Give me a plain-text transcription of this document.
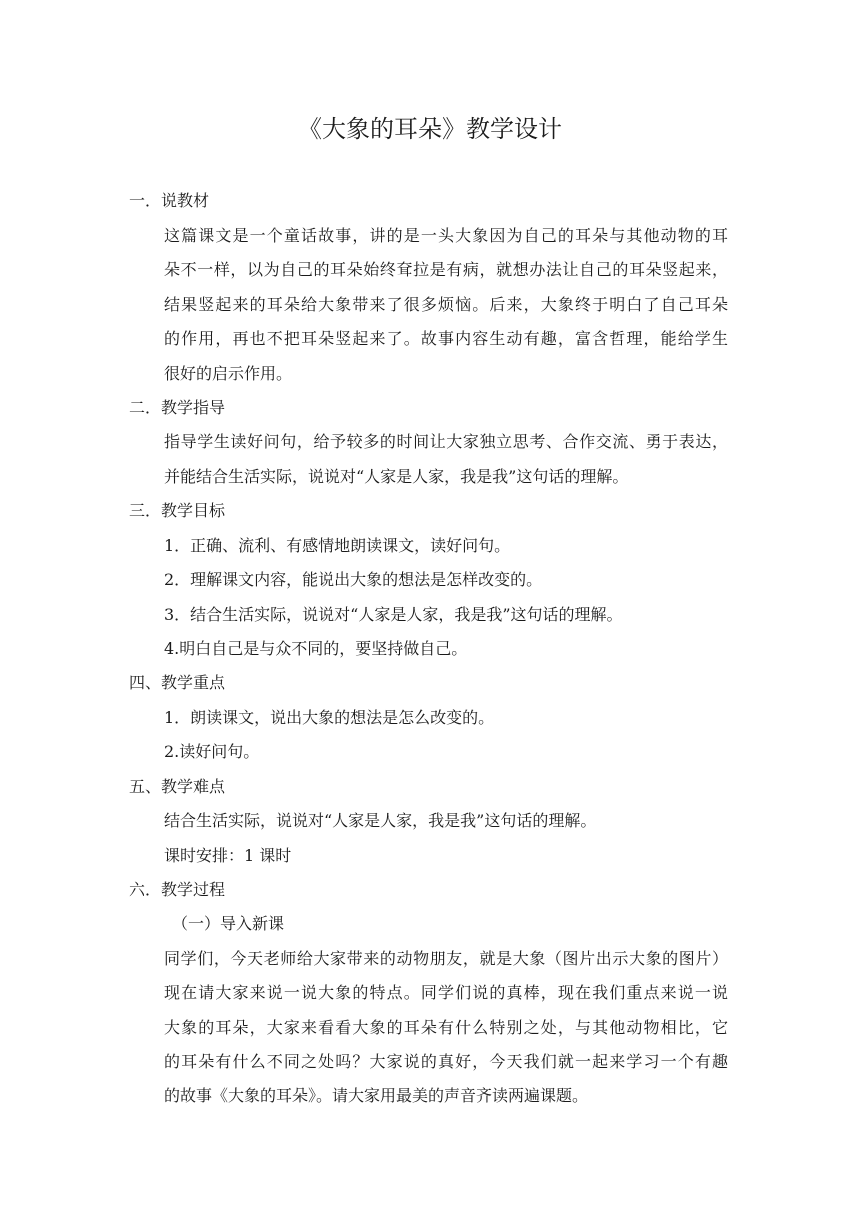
《大象的耳朵》教学设计
一．说教材
这篇课文是一个童话故事，讲的是一头大象因为自己的耳朵与其他动物的耳
朵不一样，以为自己的耳朵始终耷拉是有病，就想办法让自己的耳朵竖起来，
结果竖起来的耳朵给大象带来了很多烦恼。后来，大象终于明白了自己耳朵
的作用，再也不把耳朵竖起来了。故事内容生动有趣，富含哲理，能给学生
很好的启示作用。
二．教学指导
指导学生读好问句，给予较多的时间让大家独立思考、合作交流、勇于表达，
并能结合生活实际，说说对“人家是人家，我是我”这句话的理解。
三．教学目标
1．正确、流利、有感情地朗读课文，读好问句。
2．理解课文内容，能说出大象的想法是怎样改变的。
3．结合生活实际，说说对“人家是人家，我是我”这句话的理解。
4.明白自己是与众不同的，要坚持做自己。
四、教学重点
1．朗读课文，说出大象的想法是怎么改变的。
2.读好问句。
五、教学难点
结合生活实际，说说对“人家是人家，我是我”这句话的理解。
课时安排：1 课时
六．教学过程
（一）导入新课
同学们，今天老师给大家带来的动物朋友，就是大象（图片出示大象的图片）
现在请大家来说一说大象的特点。同学们说的真棒，现在我们重点来说一说
大象的耳朵，大家来看看大象的耳朵有什么特别之处，与其他动物相比，它
的耳朵有什么不同之处吗？大家说的真好，今天我们就一起来学习一个有趣
的故事《大象的耳朵》。请大家用最美的声音齐读两遍课题。
